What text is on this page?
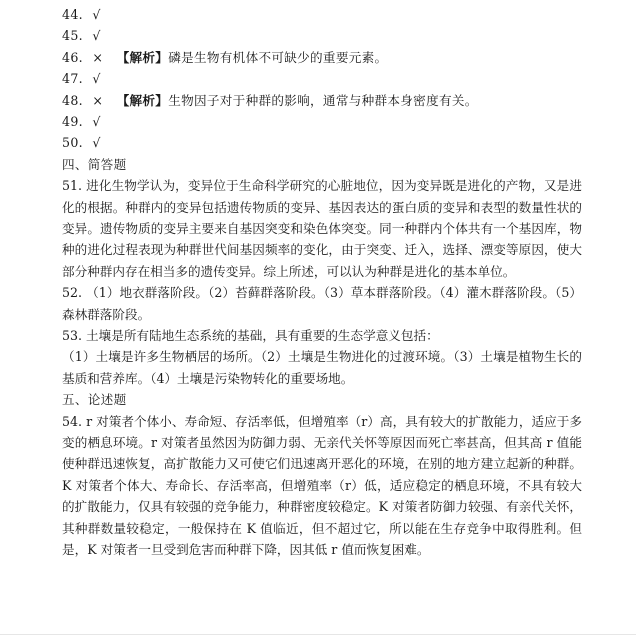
44. √
45. √
46. × 【解析】磷是生物有机体不可缺少的重要元素。
47. √
48. × 【解析】生物因子对于种群的影响，通常与种群本身密度有关。
49. √
50. √
四、简答题
51. 进化生物学认为，变异位于生命科学研究的心脏地位，因为变异既是进化的产物，又是进化的根据。种群内的变异包括遗传物质的变异、基因表达的蛋白质的变异和表型的数量性状的变异。遗传物质的变异主要来自基因突变和染色体突变。同一种群内个体共有一个基因库，物种的进化过程表现为种群世代间基因频率的变化，由于突变、迁入，选择、漂变等原因，使大部分种群内存在相当多的遗传变异。综上所述，可以认为种群是进化的基本单位。
52. （1）地衣群落阶段。（2）苔藓群落阶段。（3）草本群落阶段。（4）灌木群落阶段。（5）森林群落阶段。
53. 土壤是所有陆地生态系统的基础，具有重要的生态学意义包括：
（1）土壤是许多生物栖居的场所。（2）土壤是生物进化的过渡环境。（3）土壤是植物生长的基质和营养库。（4）土壤是污染物转化的重要场地。
五、论述题
54. r 对策者个体小、寿命短、存活率低，但增殖率（r）高，具有较大的扩散能力，适应于多变的栖息环境。r 对策者虽然因为防御力弱、无亲代关怀等原因而死亡率甚高，但其高 r 值能使种群迅速恢复，高扩散能力又可使它们迅速离开恶化的环境，在别的地方建立起新的种群。K 对策者个体大、寿命长、存活率高，但增殖率（r）低，适应稳定的栖息环境，不具有较大的扩散能力，仅具有较强的竞争能力，种群密度较稳定。K 对策者防御力较强、有亲代关怀，其种群数量较稳定，一般保持在 K 值临近，但不超过它，所以能在生存竞争中取得胜利。但是，K 对策者一旦受到危害而种群下降，因其低 r 值而恢复困难。
